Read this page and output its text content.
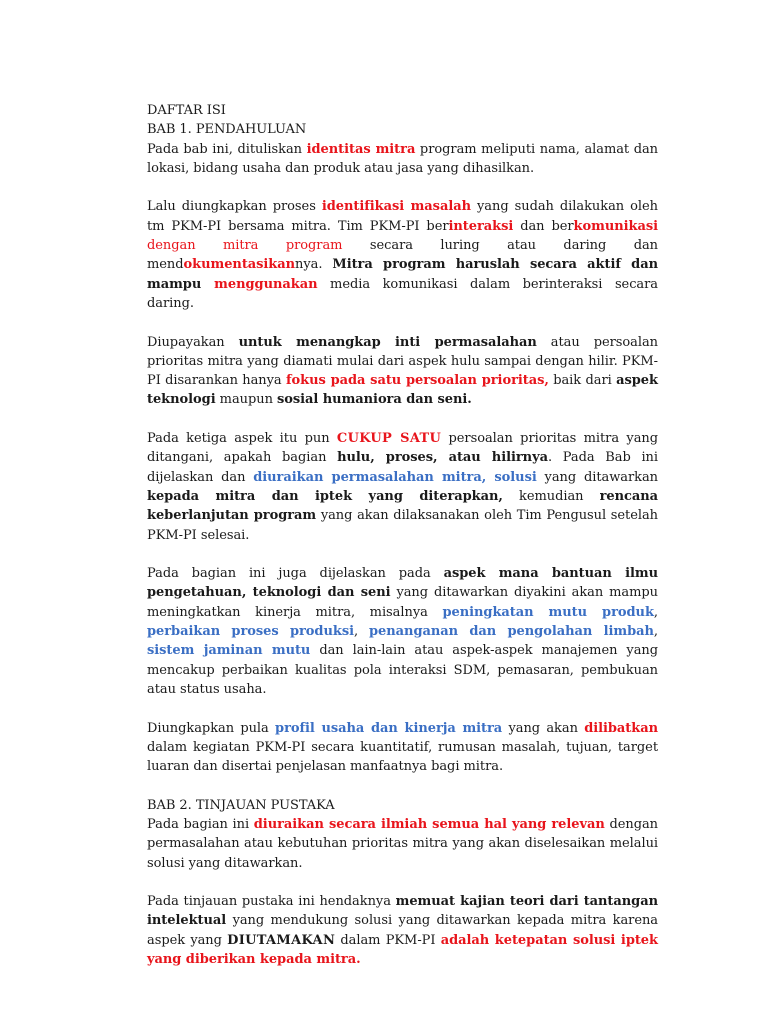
DAFTAR ISI

BAB 1. PENDAHULUAN

Pada bab ini, dituliskan identitas mitra program meliputi nama, alamat dan lokasi, bidang usaha dan produk atau jasa yang dihasilkan.

Lalu diungkapkan proses identifikasi masalah yang sudah dilakukan oleh tm PKM-PI bersama mitra. Tim PKM-PI berinteraksi dan berkomunikasi dengan mitra program secara luring atau daring dan mendokumentasikannya. Mitra program haruslah secara aktif dan mampu menggunakan media komunikasi dalam berinteraksi secara daring.

Diupayakan untuk menangkap inti permasalahan atau persoalan prioritas mitra yang diamati mulai dari aspek hulu sampai dengan hilir. PKM-PI disarankan hanya fokus pada satu persoalan prioritas, baik dari aspek teknologi maupun sosial humaniora dan seni.

Pada ketiga aspek itu pun CUKUP SATU persoalan prioritas mitra yang ditangani, apakah bagian hulu, proses, atau hilirnya. Pada Bab ini dijelaskan dan diuraikan permasalahan mitra, solusi yang ditawarkan kepada mitra dan iptek yang diterapkan, kemudian rencana keberlanjutan program yang akan dilaksanakan oleh Tim Pengusul setelah PKM-PI selesai.

Pada bagian ini juga dijelaskan pada aspek mana bantuan ilmu pengetahuan, teknologi dan seni yang ditawarkan diyakini akan mampu meningkatkan kinerja mitra, misalnya peningkatan mutu produk, perbaikan proses produksi, penanganan dan pengolahan limbah, sistem jaminan mutu dan lain-lain atau aspek-aspek manajemen yang mencakup perbaikan kualitas pola interaksi SDM, pemasaran, pembukuan atau status usaha.

Diungkapkan pula profil usaha dan kinerja mitra yang akan dilibatkan dalam kegiatan PKM-PI secara kuantitatif, rumusan masalah, tujuan, target luaran dan disertai penjelasan manfaatnya bagi mitra.

BAB 2. TINJAUAN PUSTAKA

Pada bagian ini diuraikan secara ilmiah semua hal yang relevan dengan permasalahan atau kebutuhan prioritas mitra yang akan diselesaikan melalui solusi yang ditawarkan.

Pada tinjauan pustaka ini hendaknya memuat kajian teori dari tantangan intelektual yang mendukung solusi yang ditawarkan kepada mitra karena aspek yang DIUTAMAKAN dalam PKM-PI adalah ketepatan solusi iptek yang diberikan kepada mitra.
